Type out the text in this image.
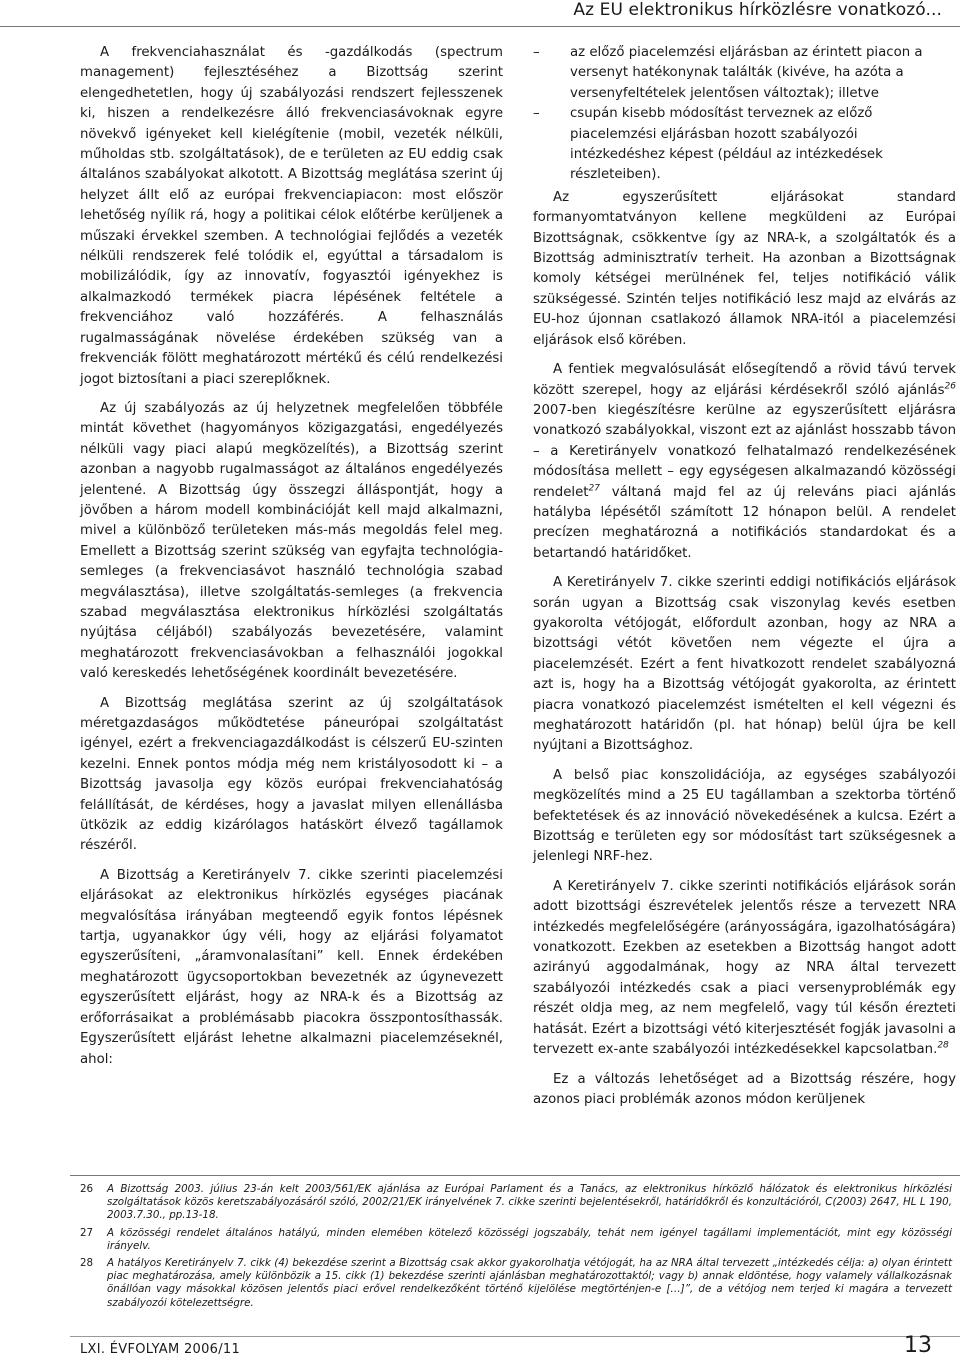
Az EU elektronikus hírközlésre vonatkozó...

A frekvenciahasználat és -gazdálkodás (spectrum management) fejlesztéséhez a Bizottság szerint elengedhetetlen, hogy új szabályozási rendszert fejlesszenek ki, hiszen a rendelkezésre álló frekvenciasávoknak egyre növekvő igényeket kell kielégítenie (mobil, vezeték nélküli, műholdas stb. szolgáltatások), de e területen az EU eddig csak általános szabályokat alkotott. A Bizottság meglátása szerint új helyzet állt elő az európai frekvenciapiacon: most először lehetőség nyílik rá, hogy a politikai célok előtérbe kerüljenek a műszaki érvekkel szemben. A technológiai fejlődés a vezeték nélküli rendszerek felé tolódik el, egyúttal a társadalom is mobilizálódik, így az innovatív, fogyasztói igényekhez is alkalmazkodó termékek piacra lépésének feltétele a frekvenciához való hozzáférés. A felhasználás rugalmasságának növelése érdekében szükség van a frekvenciák fölött meghatározott mértékű és célú rendelkezési jogot biztosítani a piaci szereplőknek.

Az új szabályozás az új helyzetnek megfelelően többféle mintát követhet (hagyományos közigazgatási, engedélyezés nélküli vagy piaci alapú megközelítés), a Bizottság szerint azonban a nagyobb rugalmasságot az általános engedélyezés jelentené. A Bizottság úgy összegzi álláspontját, hogy a jövőben a három modell kombinációját kell majd alkalmazni, mivel a különböző területeken más-más megoldás felel meg. Emellett a Bizottság szerint szükség van egyfajta technológia-semleges (a frekvenciasávot használó technológia szabad megválasztása), illetve szolgáltatás-semleges (a frekvencia szabad megválasztása elektronikus hírközlési szolgáltatás nyújtása céljából) szabályozás bevezetésére, valamint meghatározott frekvenciasávokban a felhasználói jogokkal való kereskedés lehetőségének koordinált bevezetésére.

A Bizottság meglátása szerint az új szolgáltatások méretgazdaságos működtetése páneurópai szolgáltatást igényel, ezért a frekvenciagazdálkodást is célszerű EU-szinten kezelni. Ennek pontos módja még nem kristályosodott ki – a Bizottság javasolja egy közös európai frekvenciahatóság felállítását, de kérdéses, hogy a javaslat milyen ellenállásba ütközik az eddig kizárólagos hatáskört élvező tagállamok részéről.

A Bizottság a Keretirányelv 7. cikke szerinti piacelemzési eljárásokat az elektronikus hírközlés egységes piacának megvalósítása irányában megteendő egyik fontos lépésnek tartja, ugyanakkor úgy véli, hogy az eljárási folyamatot egyszerűsíteni, „áramvonalasítani” kell. Ennek érdekében meghatározott ügycsoportokban bevezetnék az úgynevezett egyszerűsített eljárást, hogy az NRA-k és a Bizottság az erőforrásaikat a problémásabb piacokra összpontosíthassák. Egyszerűsített eljárást lehetne alkalmazni piacelemzéseknél, ahol:

–	az előző piacelemzési eljárásban az érintett piacon a versenyt hatékonynak találták (kivéve, ha azóta a versenyfeltételek jelentősen változtak); illetve
–	csupán kisebb módosítást terveznek az előző piacelemzési eljárásban hozott szabályozói intézkedéshez képest (például az intézkedések részleteiben).

Az egyszerűsített eljárásokat standard formanyomtatványon kellene megküldeni az Európai Bizottságnak, csökkentve így az NRA-k, a szolgáltatók és a Bizottság adminisztratív terheit. Ha azonban a Bizottságnak komoly kétségei merülnének fel, teljes notifikáció válik szükségessé. Szintén teljes notifikáció lesz majd az elvárás az EU-hoz újonnan csatlakozó államok NRA-itól a piacelemzési eljárások első körében.

A fentiek megvalósulását elősegítendő a rövid távú tervek között szerepel, hogy az eljárási kérdésekről szóló ajánlás$^{26}$ 2007-ben kiegészítésre kerülne az egyszerűsített eljárásra vonatkozó szabályokkal, viszont ezt az ajánlást hosszabb távon – a Keretirányelv vonatkozó felhatalmazó rendelkezésének módosítása mellett – egy egységesen alkalmazandó közösségi rendelet$^{27}$ váltaná majd fel az új releváns piaci ajánlás hatályba lépésétől számított 12 hónapon belül. A rendelet precízen meghatározná a notifikációs standardokat és a betartandó határidőket.

A Keretirányelv 7. cikke szerinti eddigi notifikációs eljárások során ugyan a Bizottság csak viszonylag kevés esetben gyakorolta vétójogát, előfordult azonban, hogy az NRA a bizottsági vétót követően nem végezte el újra a piacelemzését. Ezért a fent hivatkozott rendelet szabályozná azt is, hogy ha a Bizottság vétójogát gyakorolta, az érintett piacra vonatkozó piacelemzést ismételten el kell végezni és meghatározott határidőn (pl. hat hónap) belül újra be kell nyújtani a Bizottsághoz.

A belső piac konszolidációja, az egységes szabályozói megközelítés mind a 25 EU tagállamban a szektorba történő befektetések és az innováció növekedésének a kulcsa. Ezért a Bizottság e területen egy sor módosítást tart szükségesnek a jelenlegi NRF-hez.

A Keretirányelv 7. cikke szerinti notifikációs eljárások során adott bizottsági észrevételek jelentős része a tervezett NRA intézkedés megfelelőségére (arányosságára, igazolhatóságára) vonatkozott. Ezekben az esetekben a Bizottság hangot adott azirányú aggodalmának, hogy az NRA által tervezett szabályozói intézkedés csak a piaci versenyproblémák egy részét oldja meg, az nem megfelelő, vagy túl későn érezteti hatását. Ezért a bizottsági vétó kiterjesztését fogják javasolni a tervezett ex-ante szabályozói intézkedésekkel kapcsolatban.$^{28}$

Ez a változás lehetőséget ad a Bizottság részére, hogy azonos piaci problémák azonos módon kerüljenek

26	A Bizottság 2003. július 23-án kelt 2003/561/EK ajánlása az Európai Parlament és a Tanács, az elektronikus hírközlő hálózatok és elektronikus hírközlési szolgáltatások közös keretszabályozásáról szóló, 2002/21/EK irányelvének 7. cikke szerinti bejelentésekről, határidőkről és konzultációról, C(2003) 2647, HL L 190, 2003.7.30., pp.13-18.
27	A közösségi rendelet általános hatályú, minden elemében kötelező közösségi jogszabály, tehát nem igényel tagállami implementációt, mint egy közösségi irányelv.
28	A hatályos Keretirányelv 7. cikk (4) bekezdése szerint a Bizottság csak akkor gyakorolhatja vétójogát, ha az NRA által tervezett „intézkedés célja: a) olyan érintett piac meghatározása, amely különbözik a 15. cikk (1) bekezdése szerinti ajánlásban meghatározottaktól; vagy b) annak eldöntése, hogy valamely vállalkozásnak önállóan vagy másokkal közösen jelentős piaci erővel rendelkezőként történő kijelölése megtörténjen-e […]”, de a vétójog nem terjed ki magára a tervezett szabályozói kötelezettségre.
LXI. ÉVFOLYAM 2006/11	13
